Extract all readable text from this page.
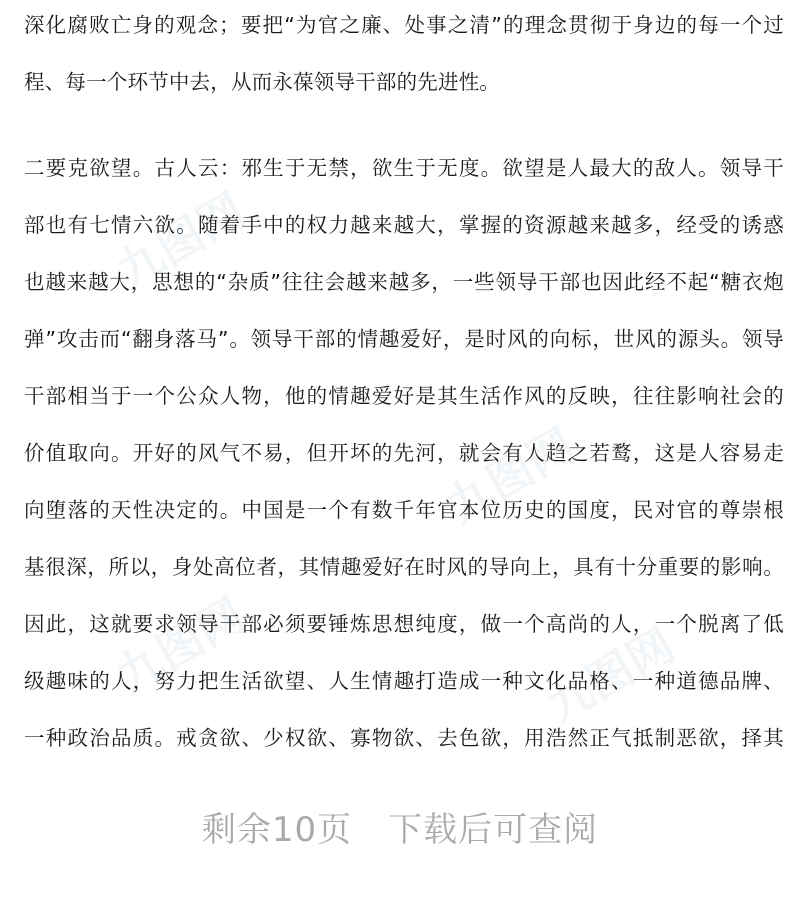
九图网
九图网
九图网	九图网
深化腐败亡身的观念；要把“为官之廉、处事之清”的理念贯彻于身边的每一个过
程、每一个环节中去，从而永葆领导干部的先进性。
二要克欲望。古人云：邪生于无禁，欲生于无度。欲望是人最大的敌人。领导干
部也有七情六欲。随着手中的权力越来越大，掌握的资源越来越多，经受的诱惑
也越来越大，思想的“杂质”往往会越来越多，一些领导干部也因此经不起“糖衣炮
弹”攻击而“翻身落马”。领导干部的情趣爱好，是时风的向标，世风的源头。领导
干部相当于一个公众人物，他的情趣爱好是其生活作风的反映，往往影响社会的
价值取向。开好的风气不易，但开坏的先河，就会有人趋之若鹜，这是人容易走
向堕落的天性决定的。中国是一个有数千年官本位历史的国度，民对官的尊崇根
基很深，所以，身处高位者，其情趣爱好在时风的导向上，具有十分重要的影响。
因此，这就要求领导干部必须要锤炼思想纯度，做一个高尚的人，一个脱离了低
级趣味的人，努力把生活欲望、人生情趣打造成一种文化品格、一种道德品牌、
一种政治品质。戒贪欲、少权欲、寡物欲、去色欲，用浩然正气抵制恶欲，择其
剩余10页 下载后可查阅
